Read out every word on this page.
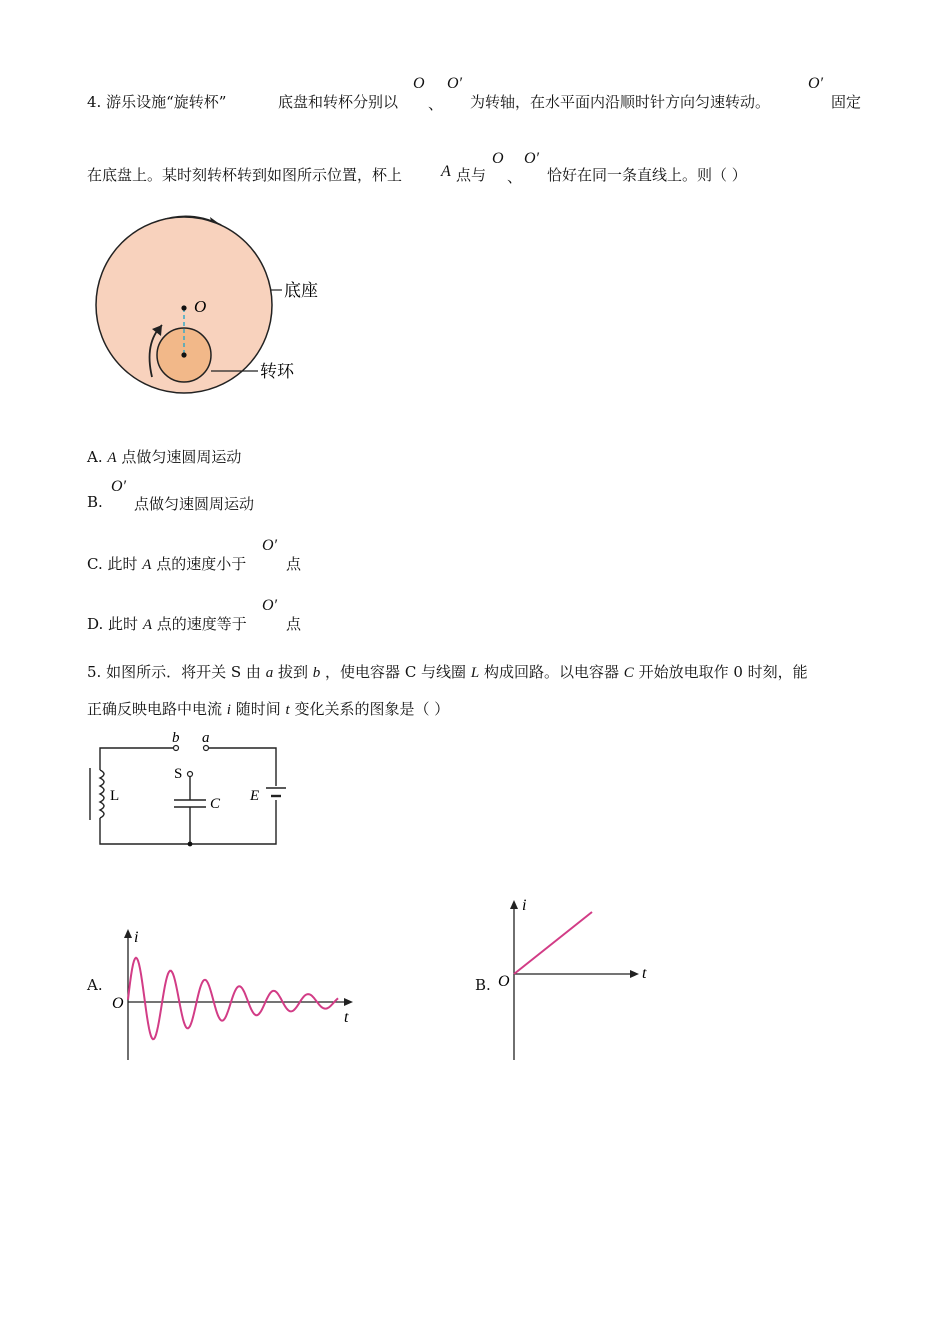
4. 游乐设施“旋转杯”	底盘和转杯分别以
O
、
O′
为转轴，在水平面内沿顺时针方向匀速转动。
O′
固定
在底盘上。某时刻转杯转到如图所示位置，杯上 A 点与
O
、
O′
恰好在同一条直线上。则（ ）
O
底座
转环
A. A 点做匀速圆周运动
B.
O′
点做匀速圆周运动
C. 此时 A 点的速度小于
O′
点
D. 此时 A 点的速度等于
O′
点
5. 如图所示．将开关 S 由 a 拔到 b ，使电容器 C 与线圈 L 构成回路。以电容器 C 开始放电取作 0 时刻，能
正确反映电路中电流 i 随时间 t 变化关系的图象是（ ）
b a
S
L	C E
A.
i
t
O
B.
i
t
O
